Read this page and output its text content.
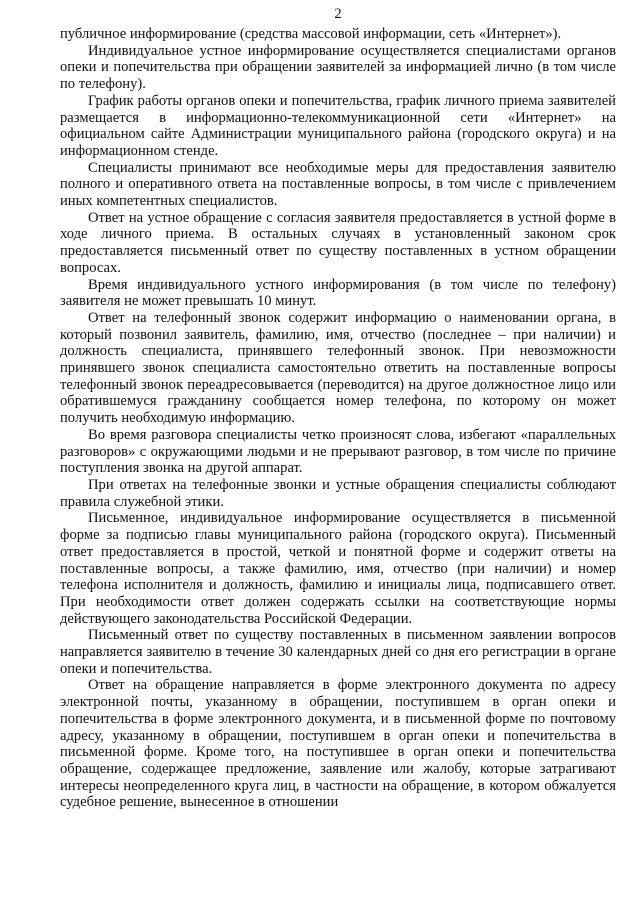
2

публичное информирование (средства массовой информации, сеть «Интернет»).

Индивидуальное устное информирование осуществляется специалистами органов опеки и попечительства при обращении заявителей за информацией лично (в том числе по телефону).

График работы органов опеки и попечительства, график личного приема заявителей размещается в информационно-телекоммуникационной сети «Интернет» на официальном сайте Администрации муниципального района (городского округа) и на информационном стенде.

Специалисты принимают все необходимые меры для предоставления заявителю полного и оперативного ответа на поставленные вопросы, в том числе с привлечением иных компетентных специалистов.

Ответ на устное обращение с согласия заявителя предоставляется в устной форме в ходе личного приема. В остальных случаях в установленный законом срок предоставляется письменный ответ по существу поставленных в устном обращении вопросах.

Время индивидуального устного информирования (в том числе по телефону) заявителя не может превышать 10 минут.

Ответ на телефонный звонок содержит информацию о наименовании органа, в который позвонил заявитель, фамилию, имя, отчество (последнее – при наличии) и должность специалиста, принявшего телефонный звонок. При невозможности принявшего звонок специалиста самостоятельно ответить на поставленные вопросы телефонный звонок переадресовывается (переводится) на другое должностное лицо или обратившемуся гражданину сообщается номер телефона, по которому он может получить необходимую информацию.

Во время разговора специалисты четко произносят слова, избегают «параллельных разговоров» с окружающими людьми и не прерывают разговор, в том числе по причине поступления звонка на другой аппарат.

При ответах на телефонные звонки и устные обращения специалисты соблюдают правила служебной этики.

Письменное, индивидуальное информирование осуществляется в письменной форме за подписью главы муниципального района (городского округа). Письменный ответ предоставляется в простой, четкой и понятной форме и содержит ответы на поставленные вопросы, а также фамилию, имя, отчество (при наличии) и номер телефона исполнителя и должность, фамилию и инициалы лица, подписавшего ответ. При необходимости ответ должен содержать ссылки на соответствующие нормы действующего законодательства Российской Федерации.

Письменный ответ по существу поставленных в письменном заявлении вопросов направляется заявителю в течение 30 календарных дней со дня его регистрации в органе опеки и попечительства.

Ответ на обращение направляется в форме электронного документа по адресу электронной почты, указанному в обращении, поступившем в орган опеки и попечительства в форме электронного документа, и в письменной форме по почтовому адресу, указанному в обращении, поступившем в орган опеки и попечительства в письменной форме. Кроме того, на поступившее в орган опеки и попечительства обращение, содержащее предложение, заявление или жалобу, которые затрагивают интересы неопределенного круга лиц, в частности на обращение, в котором обжалуется судебное решение, вынесенное в отношении
